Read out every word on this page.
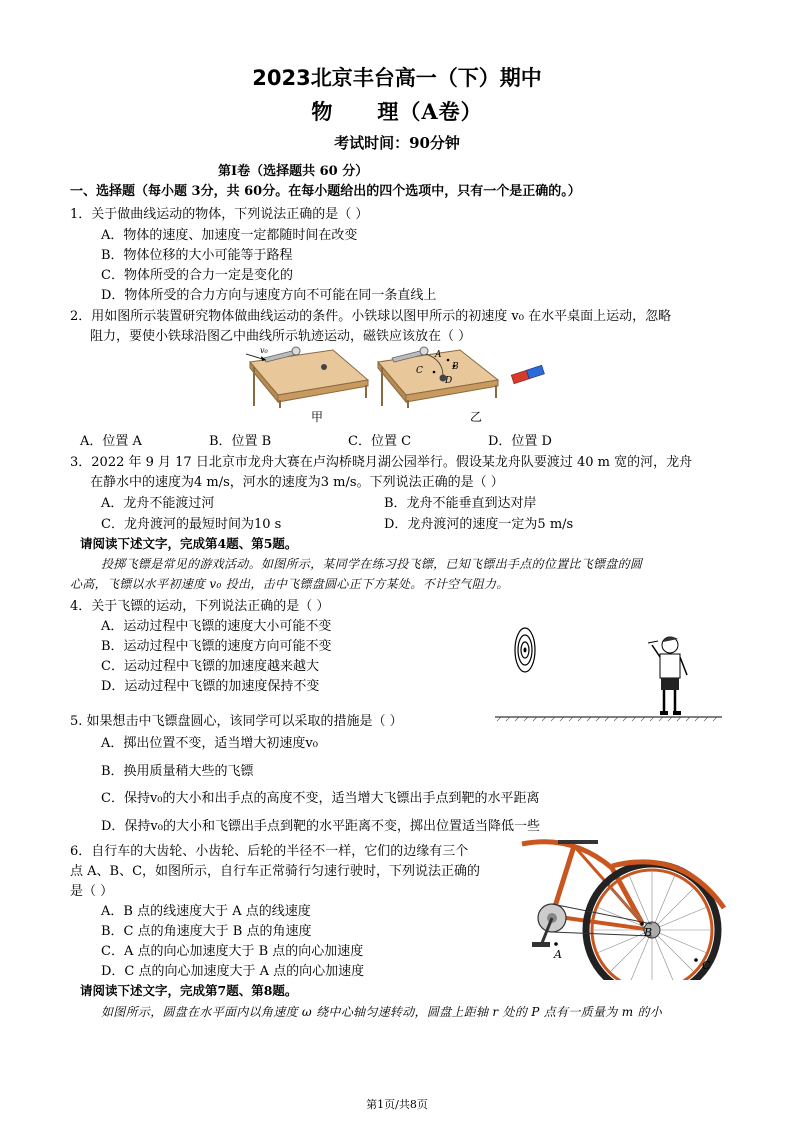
2023北京丰台高一（下）期中
物　　理（A卷）
考试时间：90分钟
第Ⅰ卷（选择题共 60 分）
一、选择题（每小题 3分，共 60分。在每小题给出的四个选项中，只有一个是正确的。）
1．关于做曲线运动的物体，下列说法正确的是（ ）
A．物体的速度、加速度一定都随时间在改变
B．物体位移的大小可能等于路程
C．物体所受的合力一定是变化的
D．物体所受的合力方向与速度方向不可能在同一条直线上
2．用如图所示装置研究物体做曲线运动的条件。小铁球以图甲所示的初速度 v₀ 在水平桌面上运动，忽略
阻力，要使小铁球沿图乙中曲线所示轨迹运动，磁铁应该放在（ ）
v₀	A
B
C
D
甲	乙
A．位置 A	B．位置 B	C．位置 C	D．位置 D
3．2022 年 9 月 17 日北京市龙舟大赛在卢沟桥晓月湖公园举行。假设某龙舟队要渡过 40 m 宽的河，龙舟
在静水中的速度为4 m/s，河水的速度为3 m/s。下列说法正确的是（ ）
A．龙舟不能渡过河	B．龙舟不能垂直到达对岸
C．龙舟渡河的最短时间为10 s	D．龙舟渡河的速度一定为5 m/s
请阅读下述文字，完成第4题、第5题。
投掷飞镖是常见的游戏活动。如图所示，某同学在练习投飞镖，已知飞镖出手点的位置比飞镖盘的圆
心高，飞镖以水平初速度 v₀ 投出，击中飞镖盘圆心正下方某处。不计空气阻力。
4．关于飞镖的运动，下列说法正确的是（ ）
A．运动过程中飞镖的速度大小可能不变
B．运动过程中飞镖的速度方向可能不变
C．运动过程中飞镖的加速度越来越大
D．运动过程中飞镖的加速度保持不变
5. 如果想击中飞镖盘圆心，该同学可以采取的措施是（ ）
A．掷出位置不变，适当增大初速度v₀
B．换用质量稍大些的飞镖
C．保持v₀的大小和出手点的高度不变，适当增大飞镖出手点到靶的水平距离
D．保持v₀的大小和飞镖出手点到靶的水平距离不变，掷出位置适当降低一些
6．自行车的大齿轮、小齿轮、后轮的半径不一样，它们的边缘有三个
点 A、B、C，如图所示，自行车正常骑行匀速行驶时，下列说法正确的
是（ ）
A．B 点的线速度大于 A 点的线速度
B．C 点的角速度大于 B 点的角速度
C．A 点的向心加速度大于 B 点的向心加速度
D．C 点的向心加速度大于 A 点的向心加速度
B
A
C
请阅读下述文字，完成第7题、第8题。
如图所示，圆盘在水平面内以角速度 ω 绕中心轴匀速转动，圆盘上距轴 r 处的 P 点有一质量为 m 的小
第1页/共8页
